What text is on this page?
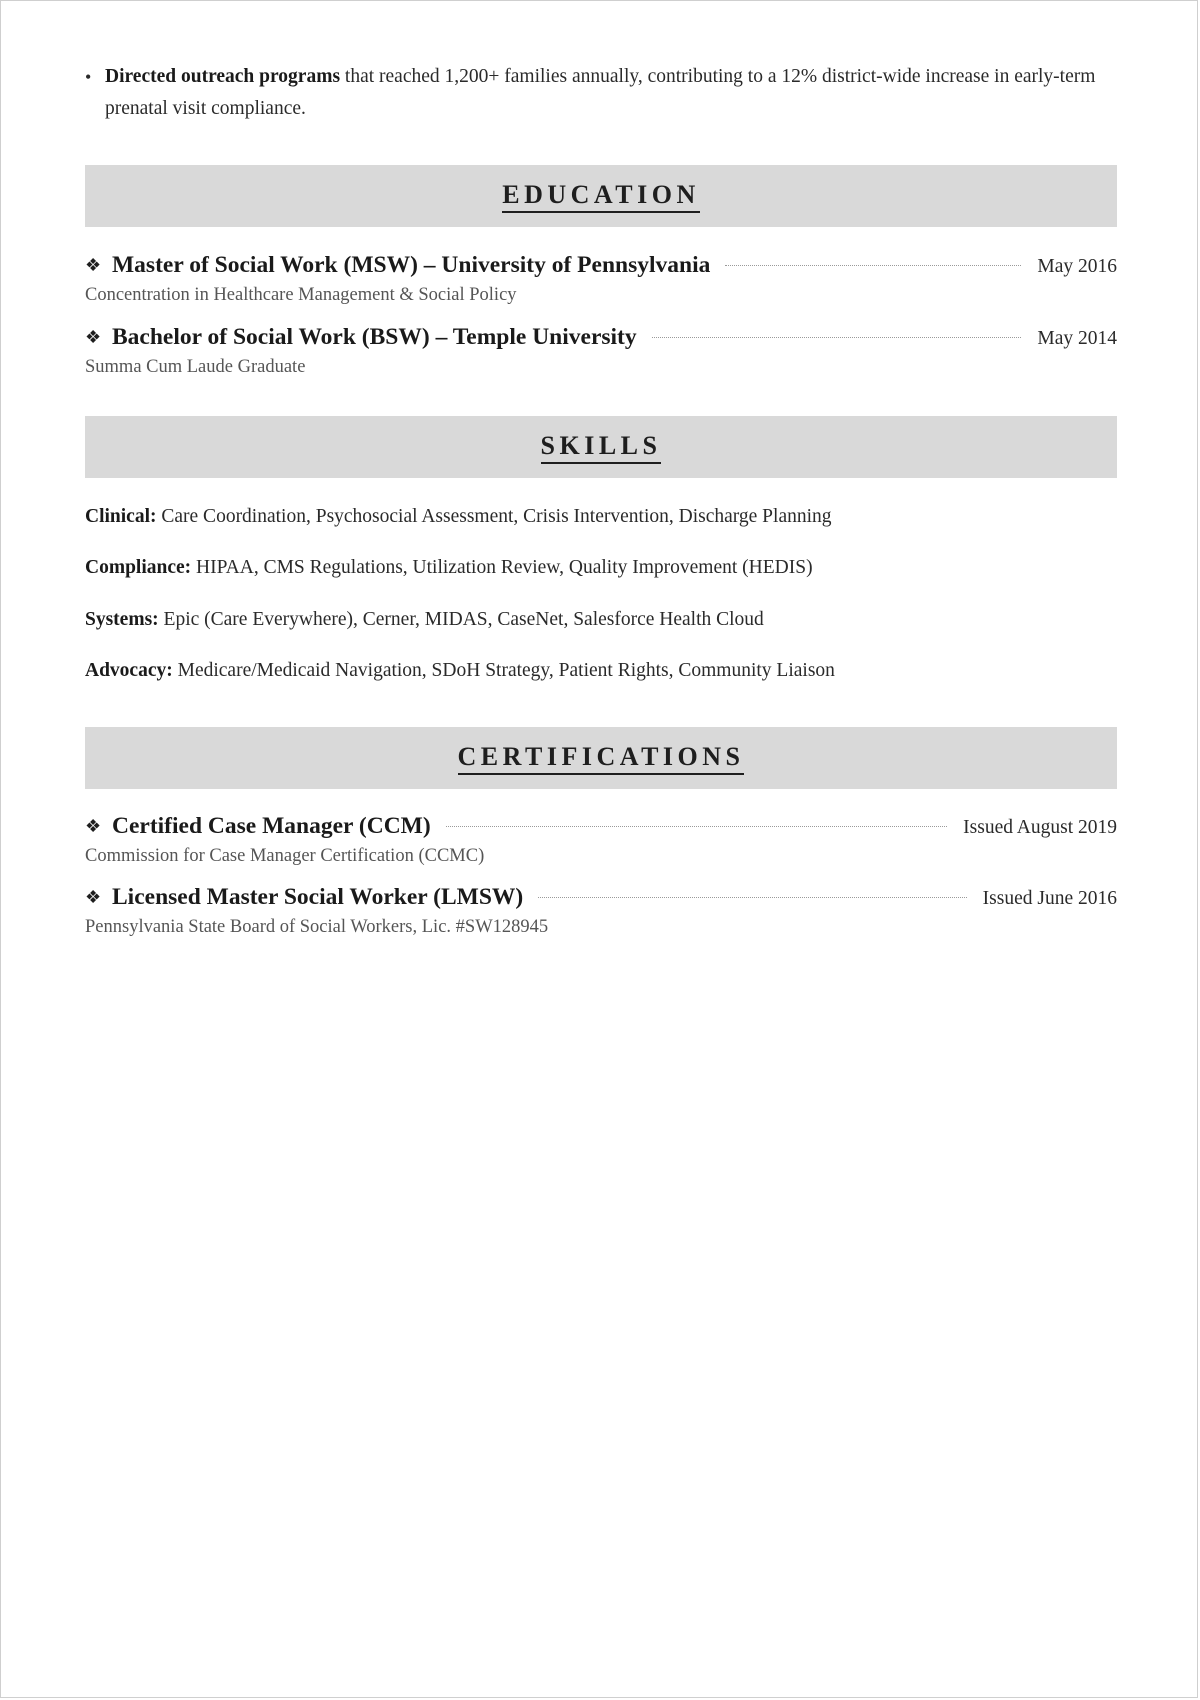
• Directed outreach programs that reached 1,200+ families annually, contributing to a 12% district-wide increase in early-term prenatal visit compliance.
EDUCATION
❖ Master of Social Work (MSW) – University of Pennsylvania	May 2016
Concentration in Healthcare Management & Social Policy
❖ Bachelor of Social Work (BSW) – Temple University	May 2014
Summa Cum Laude Graduate
SKILLS
Clinical: Care Coordination, Psychosocial Assessment, Crisis Intervention, Discharge Planning
Compliance: HIPAA, CMS Regulations, Utilization Review, Quality Improvement (HEDIS)
Systems: Epic (Care Everywhere), Cerner, MIDAS, CaseNet, Salesforce Health Cloud
Advocacy: Medicare/Medicaid Navigation, SDoH Strategy, Patient Rights, Community Liaison
CERTIFICATIONS
❖ Certified Case Manager (CCM)	Issued August 2019
Commission for Case Manager Certification (CCMC)
❖ Licensed Master Social Worker (LMSW)	Issued June 2016
Pennsylvania State Board of Social Workers, Lic. #SW128945
